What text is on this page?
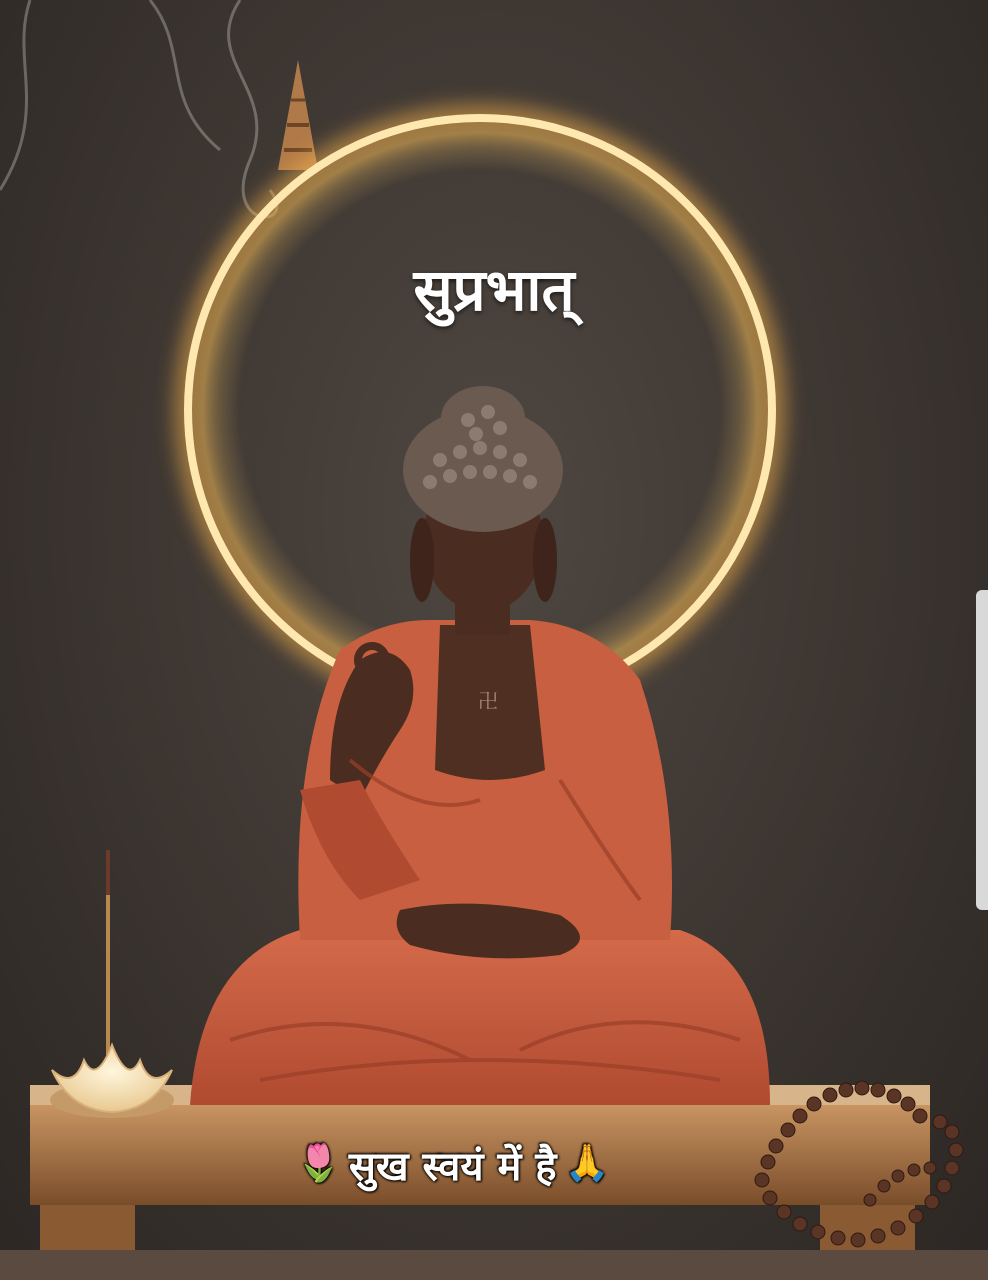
卍
सुप्रभात्
🌷 सुख स्वयं में है 🙏
